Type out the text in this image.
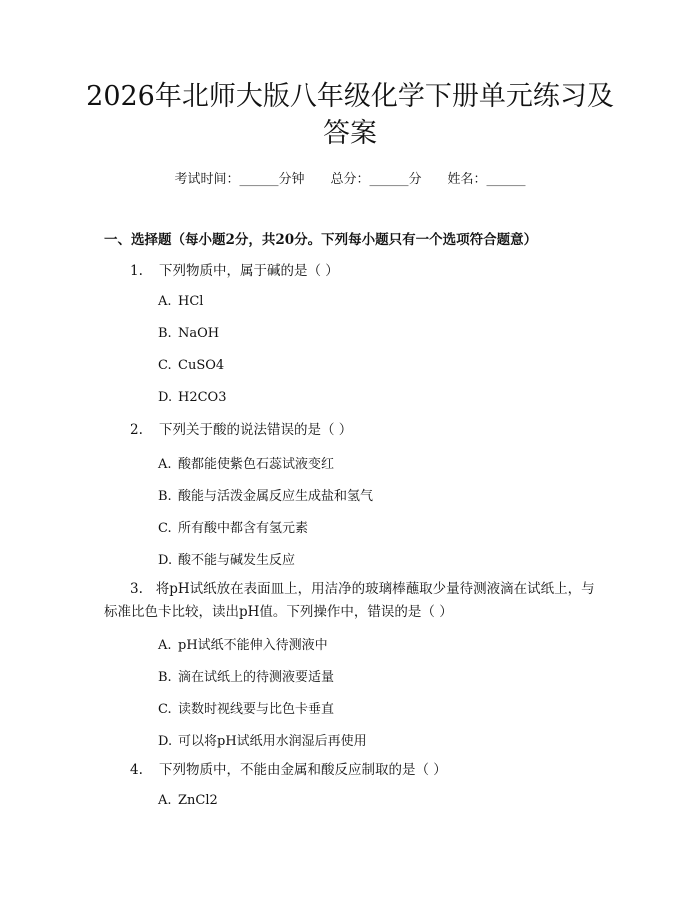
2026年北师大版八年级化学下册单元练习及
答案
考试时间：______分钟 总分：______分 姓名：______
一、选择题（每小题2分，共20分。下列每小题只有一个选项符合题意）
1. 下列物质中，属于碱的是（ ）
A. HCl
B. NaOH
C. CuSO4
D. H2CO3
2. 下列关于酸的说法错误的是（ ）
A. 酸都能使紫色石蕊试液变红
B. 酸能与活泼金属反应生成盐和氢气
C. 所有酸中都含有氢元素
D. 酸不能与碱发生反应
3. 将pH试纸放在表面皿上，用洁净的玻璃棒蘸取少量待测液滴在试纸上，与标准比色卡比较，读出pH值。下列操作中，错误的是（ ）
A. pH试纸不能伸入待测液中
B. 滴在试纸上的待测液要适量
C. 读数时视线要与比色卡垂直
D. 可以将pH试纸用水润湿后再使用
4. 下列物质中，不能由金属和酸反应制取的是（ ）
A. ZnCl2
